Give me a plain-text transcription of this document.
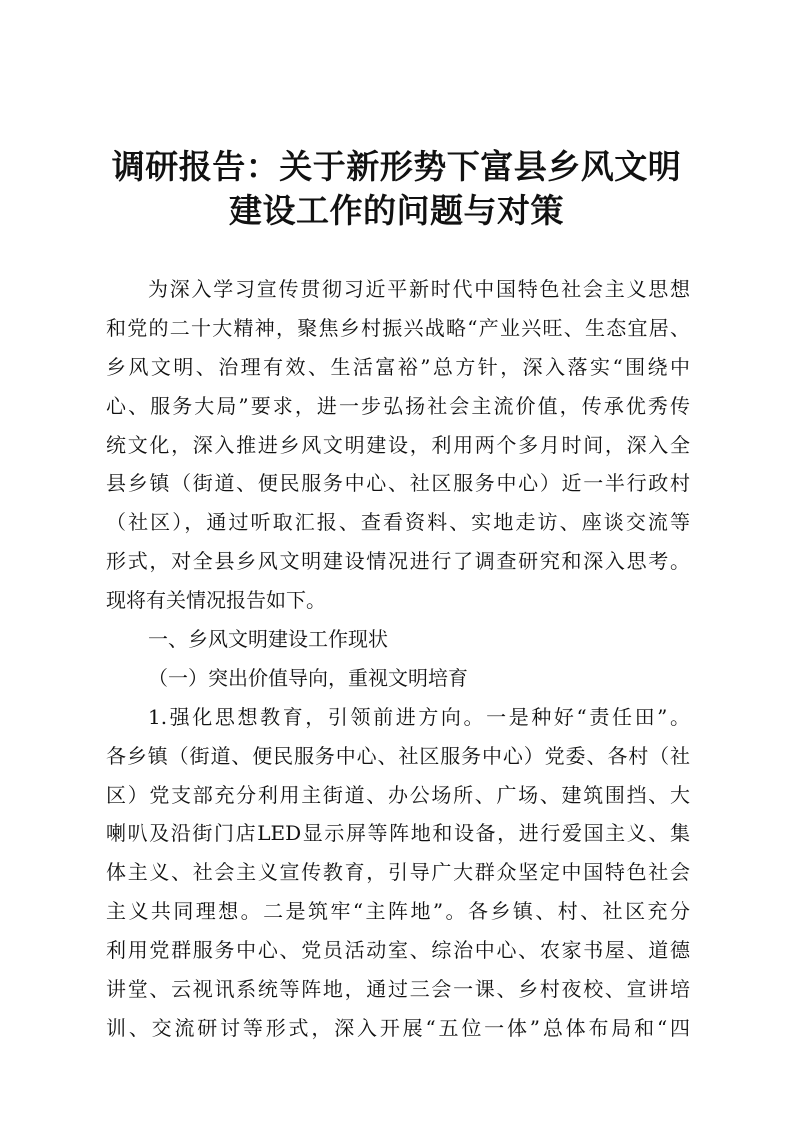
调研报告：关于新形势下富县乡风文明
建设工作的问题与对策
为深入学习宣传贯彻习近平新时代中国特色社会主义思想
和党的二十大精神，聚焦乡村振兴战略“产业兴旺、生态宜居、
乡风文明、治理有效、生活富裕”总方针，深入落实“围绕中
心、服务大局”要求，进一步弘扬社会主流价值，传承优秀传
统文化，深入推进乡风文明建设，利用两个多月时间，深入全
县乡镇（街道、便民服务中心、社区服务中心）近一半行政村
（社区），通过听取汇报、查看资料、实地走访、座谈交流等
形式，对全县乡风文明建设情况进行了调查研究和深入思考。
现将有关情况报告如下。
一、乡风文明建设工作现状
（一）突出价值导向，重视文明培育
1.强化思想教育，引领前进方向。一是种好“责任田”。
各乡镇（街道、便民服务中心、社区服务中心）党委、各村（社
区）党支部充分利用主街道、办公场所、广场、建筑围挡、大
喇叭及沿街门店LED显示屏等阵地和设备，进行爱国主义、集
体主义、社会主义宣传教育，引导广大群众坚定中国特色社会
主义共同理想。二是筑牢“主阵地”。各乡镇、村、社区充分
利用党群服务中心、党员活动室、综治中心、农家书屋、道德
讲堂、云视讯系统等阵地，通过三会一课、乡村夜校、宣讲培
训、交流研讨等形式，深入开展“五位一体”总体布局和“四
